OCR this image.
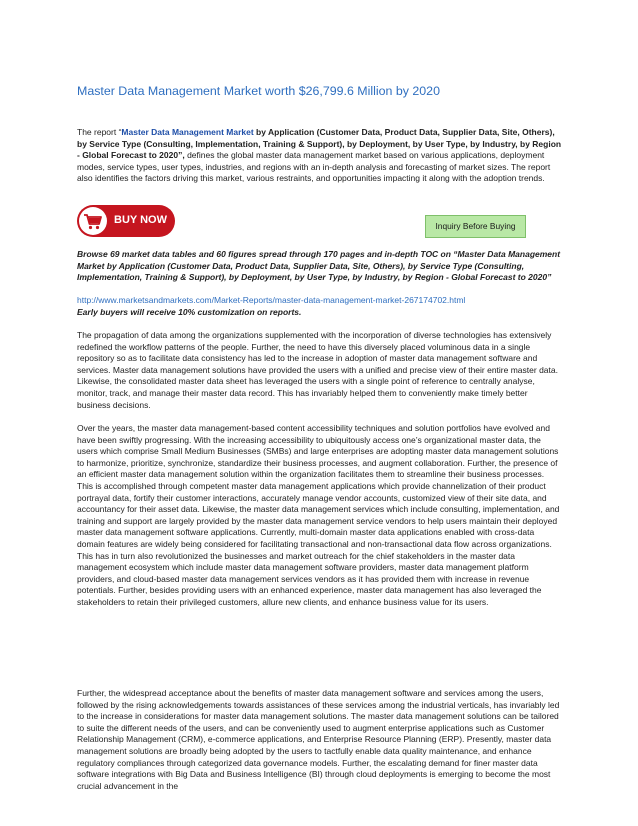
Master Data Management Market worth $26,799.6 Million by 2020
The report “Master Data Management Market by Application (Customer Data, Product Data, Supplier Data, Site, Others), by Service Type (Consulting, Implementation, Training & Support), by Deployment, by User Type, by Industry, by Region - Global Forecast to 2020”, defines the global master data management market based on various applications, deployment modes, service types, user types, industries, and regions with an in-depth analysis and forecasting of market sizes. The report also identifies the factors driving this market, various restraints, and opportunities impacting it along with the adoption trends.
BUY NOW	Inquiry Before Buying
Browse 69 market data tables and 60 figures spread through 170 pages and in-depth TOC on “Master Data Management Market by Application (Customer Data, Product Data, Supplier Data, Site, Others), by Service Type (Consulting, Implementation, Training & Support), by Deployment, by User Type, by Industry, by Region - Global Forecast to 2020”
http://www.marketsandmarkets.com/Market-Reports/master-data-management-market-267174702.html
Early buyers will receive 10% customization on reports.
The propagation of data among the organizations supplemented with the incorporation of diverse technologies has extensively redefined the workflow patterns of the people. Further, the need to have this diversely placed voluminous data in a single repository so as to facilitate data consistency has led to the increase in adoption of master data management software and services. Master data management solutions have provided the users with a unified and precise view of their entire master data. Likewise, the consolidated master data sheet has leveraged the users with a single point of reference to centrally analyse, monitor, track, and manage their master data record. This has invariably helped them to conveniently make timely better business decisions.
Over the years, the master data management-based content accessibility techniques and solution portfolios have evolved and have been swiftly progressing. With the increasing accessibility to ubiquitously access one’s organizational master data, the users which comprise Small Medium Businesses (SMBs) and large enterprises are adopting master data management solutions to harmonize, prioritize, synchronize, standardize their business processes, and augment collaboration. Further, the presence of an efficient master data management solution within the organization facilitates them to streamline their business processes. This is accomplished through competent master data management applications which provide channelization of their product portrayal data, fortify their customer interactions, accurately manage vendor accounts, customized view of their site data, and accountancy for their asset data. Likewise, the master data management services which include consulting, implementation, and training and support are largely provided by the master data management service vendors to help users maintain their deployed master data management software applications. Currently, multi-domain master data applications enabled with cross-data domain features are widely being considered for facilitating transactional and non-transactional data flow across organizations. This has in turn also revolutionized the businesses and market outreach for the chief stakeholders in the master data management ecosystem which include master data management software providers, master data management platform providers, and cloud-based master data management services vendors as it has provided them with increase in revenue potentials. Further, besides providing users with an enhanced experience, master data management has also leveraged the stakeholders to retain their privileged customers, allure new clients, and enhance business value for its users.
Further, the widespread acceptance about the benefits of master data management software and services among the users, followed by the rising acknowledgements towards assistances of these services among the industrial verticals, has invariably led to the increase in considerations for master data management solutions. The master data management solutions can be tailored to suite the different needs of the users, and can be conveniently used to augment enterprise applications such as Customer Relationship Management (CRM), e-commerce applications, and Enterprise Resource Planning (ERP). Presently, master data management solutions are broadly being adopted by the users to tactfully enable data quality maintenance, and enhance regulatory compliances through categorized data governance models. Further, the escalating demand for finer master data software integrations with Big Data and Business Intelligence (BI) through cloud deployments is emerging to become the most crucial advancement in the
